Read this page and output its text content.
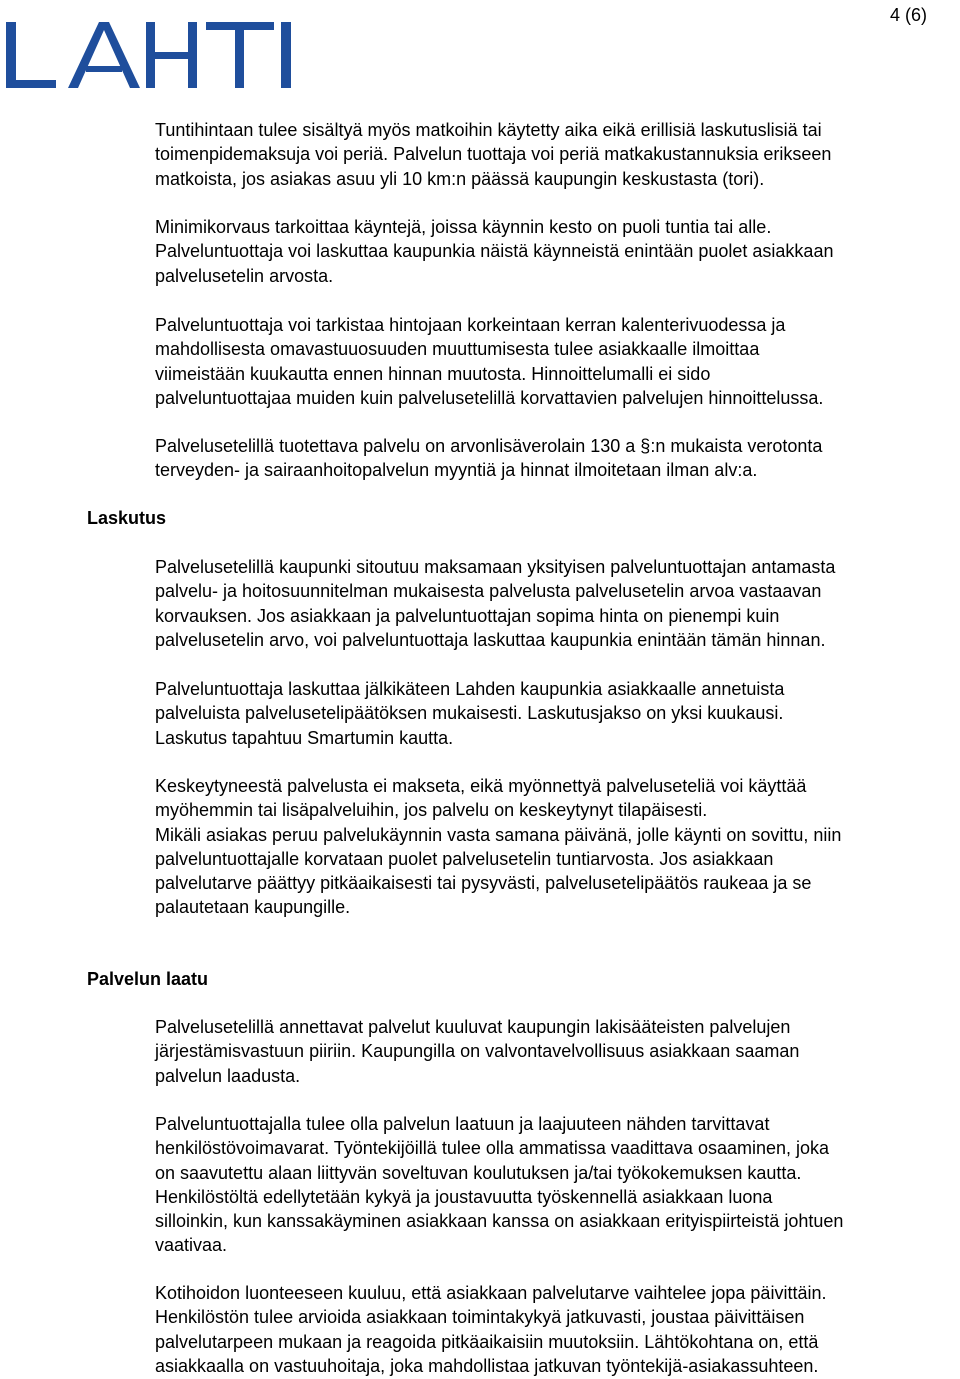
4 (6)
Laskutus
Palvelun laatu

Tuntihintaan tulee sisältyä myös matkoihin käytetty aika eikä erillisiä laskutuslisiä tai
toimenpidemaksuja voi periä. Palvelun tuottaja voi periä matkakustannuksia erikseen
matkoista, jos asiakas asuu yli 10 km:n päässä kaupungin keskustasta (tori).

Minimikorvaus tarkoittaa käyntejä, joissa käynnin kesto on puoli tuntia tai alle.
Palveluntuottaja voi laskuttaa kaupunkia näistä käynneistä enintään puolet asiakkaan
palvelusetelin arvosta.

Palveluntuottaja voi tarkistaa hintojaan korkeintaan kerran kalenterivuodessa ja
mahdollisesta omavastuuosuuden muuttumisesta tulee asiakkaalle ilmoittaa
viimeistään kuukautta ennen hinnan muutosta. Hinnoittelumalli ei sido
palveluntuottajaa muiden kuin palvelusetelillä korvattavien palvelujen hinnoittelussa.

Palvelusetelillä tuotettava palvelu on arvonlisäverolain 130 a §:n mukaista verotonta
terveyden- ja sairaanhoitopalvelun myyntiä ja hinnat ilmoitetaan ilman alv:a.

Palvelusetelillä kaupunki sitoutuu maksamaan yksityisen palveluntuottajan antamasta
palvelu- ja hoitosuunnitelman mukaisesta palvelusta palvelusetelin arvoa vastaavan
korvauksen. Jos asiakkaan ja palveluntuottajan sopima hinta on pienempi kuin
palvelusetelin arvo, voi palveluntuottaja laskuttaa kaupunkia enintään tämän hinnan.

Palveluntuottaja laskuttaa jälkikäteen Lahden kaupunkia asiakkaalle annetuista
palveluista palvelusetelipäätöksen mukaisesti. Laskutusjakso on yksi kuukausi.
Laskutus tapahtuu Smartumin kautta.

Keskeytyneestä palvelusta ei makseta, eikä myönnettyä palveluseteliä voi käyttää
myöhemmin tai lisäpalveluihin, jos palvelu on keskeytynyt tilapäisesti.
Mikäli asiakas peruu palvelukäynnin vasta samana päivänä, jolle käynti on sovittu, niin
palveluntuottajalle korvataan puolet palvelusetelin tuntiarvosta. Jos asiakkaan
palvelutarve päättyy pitkäaikaisesti tai pysyvästi, palvelusetelipäätös raukeaa ja se
palautetaan kaupungille.

Palvelusetelillä annettavat palvelut kuuluvat kaupungin lakisääteisten palvelujen
järjestämisvastuun piiriin. Kaupungilla on valvontavelvollisuus asiakkaan saaman
palvelun laadusta.

Palveluntuottajalla tulee olla palvelun laatuun ja laajuuteen nähden tarvittavat
henkilöstövoimavarat. Työntekijöillä tulee olla ammatissa vaadittava osaaminen, joka
on saavutettu alaan liittyvän soveltuvan koulutuksen ja/tai työkokemuksen kautta.
Henkilöstöltä edellytetään kykyä ja joustavuutta työskennellä asiakkaan luona
silloinkin, kun kanssakäyminen asiakkaan kanssa on asiakkaan erityispiirteistä johtuen
vaativaa.

Kotihoidon luonteeseen kuuluu, että asiakkaan palvelutarve vaihtelee jopa päivittäin.
Henkilöstön tulee arvioida asiakkaan toimintakykyä jatkuvasti, joustaa päivittäisen
palvelutarpeen mukaan ja reagoida pitkäaikaisiin muutoksiin. Lähtökohtana on, että
asiakkaalla on vastuuhoitaja, joka mahdollistaa jatkuvan työntekijä-asiakassuhteen.
